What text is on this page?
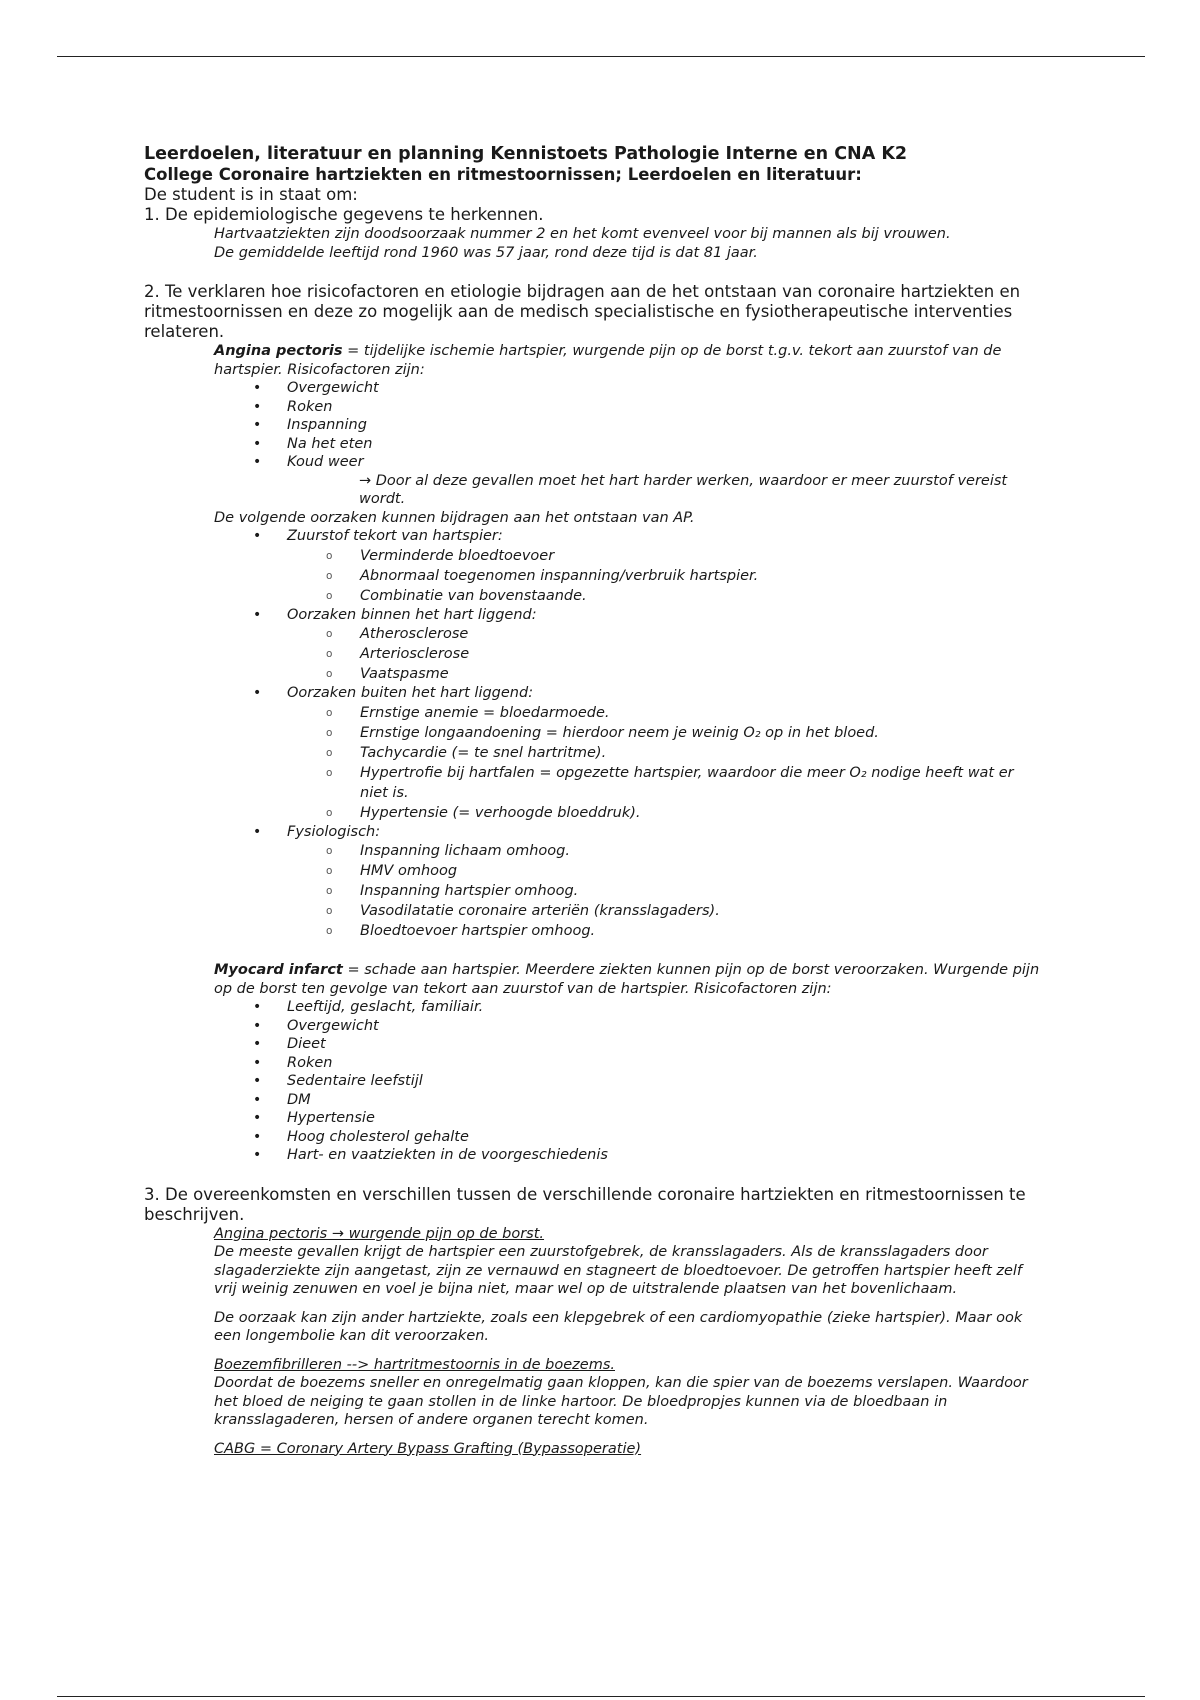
Leerdoelen, literatuur en planning Kennistoets Pathologie Interne en CNA K2
College Coronaire hartziekten en ritmestoornissen; Leerdoelen en literatuur:
De student is in staat om:
1. De epidemiologische gegevens te herkennen.
Hartvaatziekten zijn doodsoorzaak nummer 2 en het komt evenveel voor bij mannen als bij vrouwen.
De gemiddelde leeftijd rond 1960 was 57 jaar, rond deze tijd is dat 81 jaar.
2. Te verklaren hoe risicofactoren en etiologie bijdragen aan de het ontstaan van coronaire hartziekten en ritmestoornissen en deze zo mogelijk aan de medisch specialistische en fysiotherapeutische interventies relateren.
Angina pectoris = tijdelijke ischemie hartspier, wurgende pijn op de borst t.g.v. tekort aan zuurstof van de hartspier. Risicofactoren zijn:
• Overgewicht
• Roken
• Inspanning
• Na het eten
• Koud weer
→ Door al deze gevallen moet het hart harder werken, waardoor er meer zuurstof vereist wordt.
De volgende oorzaken kunnen bijdragen aan het ontstaan van AP.
• Zuurstof tekort van hartspier:
o Verminderde bloedtoevoer
o Abnormaal toegenomen inspanning/verbruik hartspier.
o Combinatie van bovenstaande.
• Oorzaken binnen het hart liggend:
o Atherosclerose
o Arteriosclerose
o Vaatspasme
• Oorzaken buiten het hart liggend:
o Ernstige anemie = bloedarmoede.
o Ernstige longaandoening = hierdoor neem je weinig O₂ op in het bloed.
o Tachycardie (= te snel hartritme).
o Hypertrofie bij hartfalen = opgezette hartspier, waardoor die meer O₂ nodige heeft wat er niet is.
o Hypertensie (= verhoogde bloeddruk).
• Fysiologisch:
o Inspanning lichaam omhoog.
o HMV omhoog
o Inspanning hartspier omhoog.
o Vasodilatatie coronaire arteriën (kransslagaders).
o Bloedtoevoer hartspier omhoog.
Myocard infarct = schade aan hartspier. Meerdere ziekten kunnen pijn op de borst veroorzaken. Wurgende pijn op de borst ten gevolge van tekort aan zuurstof van de hartspier. Risicofactoren zijn:
• Leeftijd, geslacht, familiair.
• Overgewicht
• Dieet
• Roken
• Sedentaire leefstijl
• DM
• Hypertensie
• Hoog cholesterol gehalte
• Hart- en vaatziekten in de voorgeschiedenis
3. De overeenkomsten en verschillen tussen de verschillende coronaire hartziekten en ritmestoornissen te beschrijven.
Angina pectoris → wurgende pijn op de borst.
De meeste gevallen krijgt de hartspier een zuurstofgebrek, de kransslagaders. Als de kransslagaders door slagaderziekte zijn aangetast, zijn ze vernauwd en stagneert de bloedtoevoer. De getroffen hartspier heeft zelf vrij weinig zenuwen en voel je bijna niet, maar wel op de uitstralende plaatsen van het bovenlichaam.
De oorzaak kan zijn ander hartziekte, zoals een klepgebrek of een cardiomyopathie (zieke hartspier). Maar ook een longembolie kan dit veroorzaken.
Boezemfibrilleren --> hartritmestoornis in de boezems.
Doordat de boezems sneller en onregelmatig gaan kloppen, kan die spier van de boezems verslapen. Waardoor het bloed de neiging te gaan stollen in de linke hartoor. De bloedpropjes kunnen via de bloedbaan in kransslagaderen, hersen of andere organen terecht komen.
CABG = Coronary Artery Bypass Grafting (Bypassoperatie)
